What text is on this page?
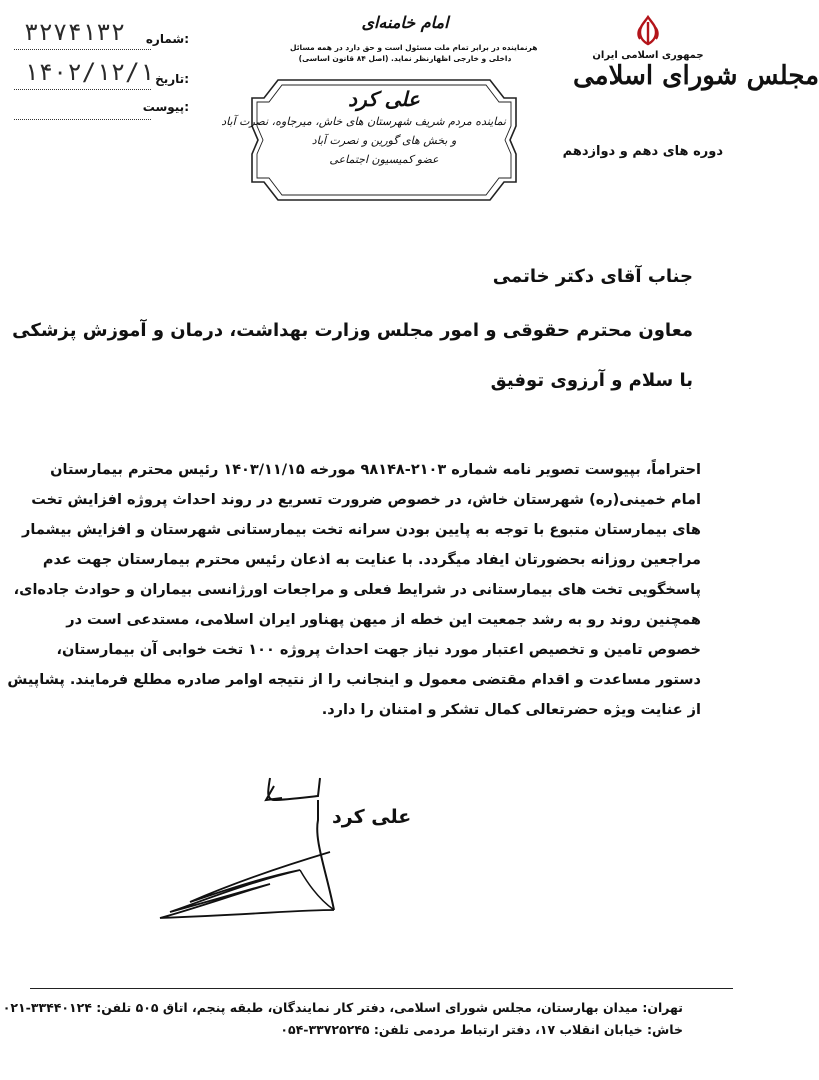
جمهوری اسلامی ایران
مجلس شورای اسلامی
دوره های دهم و دوازدهم
امام خامنه‌ای
هرنماینده در برابر تمام ملت مسئول است و حق دارد در همه مسائل
داخلی و خارجی اظهارنظر نماید. (اصل ۸۴ قانون اساسی)
علی کرد
نماینده مردم شریف شهرستان های خاش، میرجاوه، نصرت آباد
و بخش های گورین و نصرت آباد
عضو کمیسیون اجتماعی
شماره:
۳۲۷۴۱۳۲
تاریخ:
۱۴۰۲/۱۲/۱
پیوست:
جناب آقای دکتر خاتمی
معاون محترم حقوقی و امور مجلس وزارت بهداشت، درمان و آموزش پزشکی
با سلام و آرزوی توفیق

احتراماً، بپیوست تصویر نامه شماره ۲۱۰۳-۹۸۱۴۸ مورخه ۱۴۰۳/۱۱/۱۵ رئیس محترم بیمارستان

امام خمینی(ره) شهرستان خاش، در خصوص ضرورت تسریع در روند احداث پروژه افزایش تخت

های بیمارستان متبوع با توجه به پایین بودن سرانه تخت بیمارستانی شهرستان و افزایش بیشمار

مراجعین روزانه بحضورتان ایفاد میگردد. با عنایت به اذعان رئیس محترم بیمارستان جهت عدم

پاسخگویی تخت های بیمارستانی در شرایط فعلی و مراجعات اورژانسی بیماران و حوادث جاده‌ای،

همچنین روند رو به رشد جمعیت این خطه از میهن پهناور ایران اسلامی، مستدعی است در

خصوص تامین و تخصیص اعتبار مورد نیاز جهت احداث پروژه ۱۰۰ تخت خوابی آن بیمارستان،

دستور مساعدت و اقدام مقتضی معمول و اینجانب را از نتیجه اوامر صادره مطلع فرمایند. پشاپیش

از عنایت ویژه حضرتعالی کمال تشکر و امتنان را دارد.

علی کرد
تهران: میدان بهارستان، مجلس شورای اسلامی، دفتر کار نمایندگان، طبقه پنجم، اتاق ۵۰۵ تلفن: ۳۳۴۴۰۱۲۴-۰۲۱
خاش: خیابان انقلاب ۱۷، دفتر ارتباط مردمی تلفن: ۳۳۷۲۵۲۴۵-۰۵۴
